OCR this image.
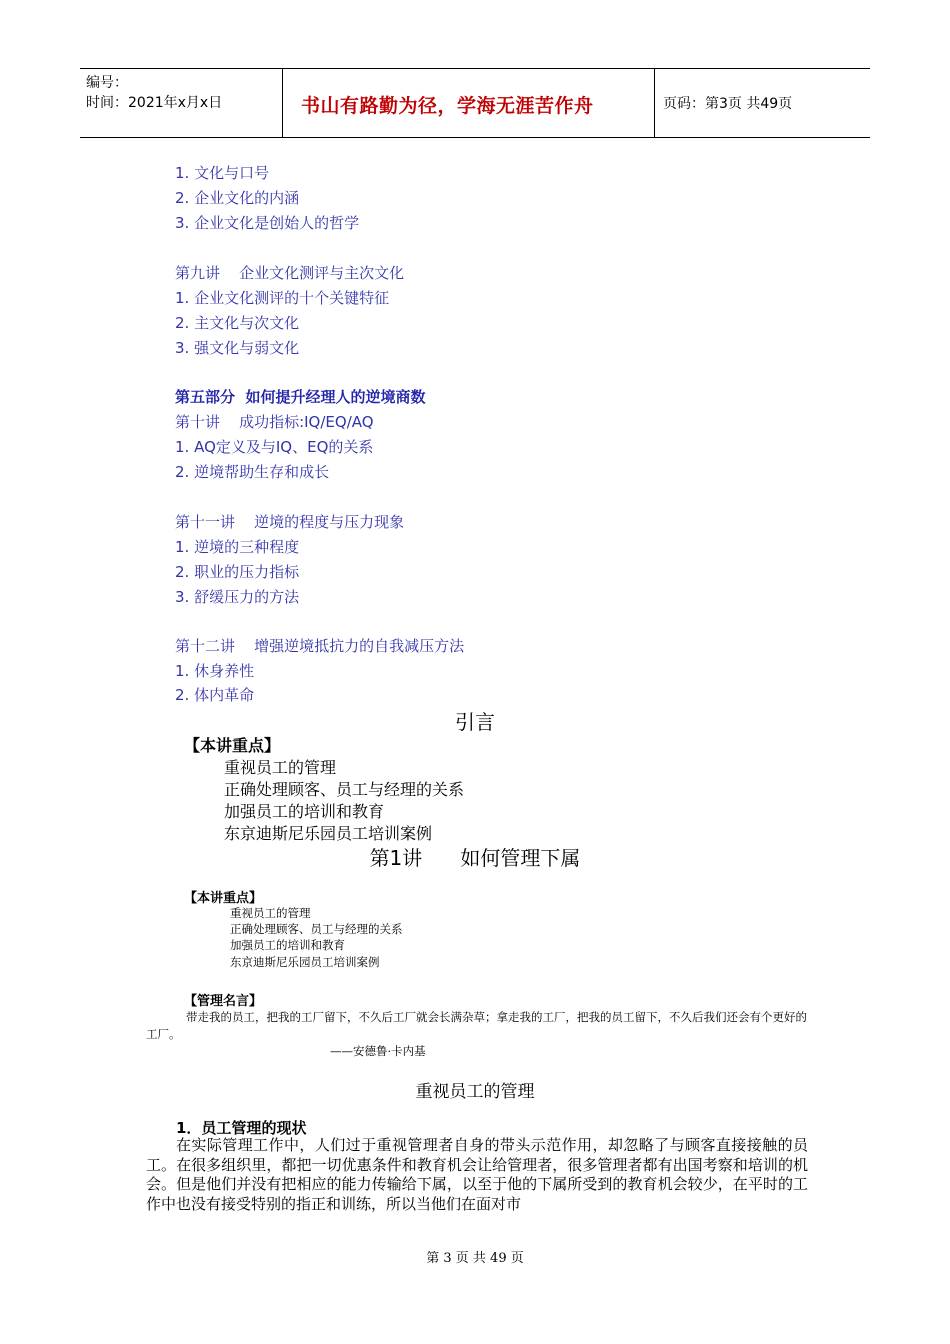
编号：
时间：2021年x月x日	书山有路勤为径，学海无涯苦作舟	页码：第3页 共49页
1. 文化与口号
2. 企业文化的内涵
3. 企业文化是创始人的哲学
第九讲    企业文化测评与主次文化
1. 企业文化测评的十个关键特征
2. 主文化与次文化
3. 强文化与弱文化
第五部分  如何提升经理人的逆境商数
第十讲    成功指标:IQ/EQ/AQ
1. AQ定义及与IQ、EQ的关系
2. 逆境帮助生存和成长
第十一讲    逆境的程度与压力现象
1. 逆境的三种程度
2. 职业的压力指标
3. 舒缓压力的方法
第十二讲    增强逆境抵抗力的自我减压方法
1. 休身养性
2. 体内革命
引言
【本讲重点】
重视员工的管理
正确处理顾客、员工与经理的关系
加强员工的培训和教育
东京迪斯尼乐园员工培训案例
第1讲      如何管理下属
【本讲重点】
重视员工的管理
正确处理顾客、员工与经理的关系
加强员工的培训和教育
东京迪斯尼乐园员工培训案例
【管理名言】
带走我的员工，把我的工厂留下，不久后工厂就会长满杂草；拿走我的工厂，把我的员工留下，不久后我们还会有个更好的工厂。
——安德鲁·卡内基
重视员工的管理
1．员工管理的现状
在实际管理工作中，人们过于重视管理者自身的带头示范作用，却忽略了与顾客直接接触的员工。在很多组织里，都把一切优惠条件和教育机会让给管理者，很多管理者都有出国考察和培训的机会。但是他们并没有把相应的能力传输给下属，以至于他的下属所受到的教育机会较少，在平时的工作中也没有接受特别的指正和训练，所以当他们在面对市
第 3 页 共 49 页
